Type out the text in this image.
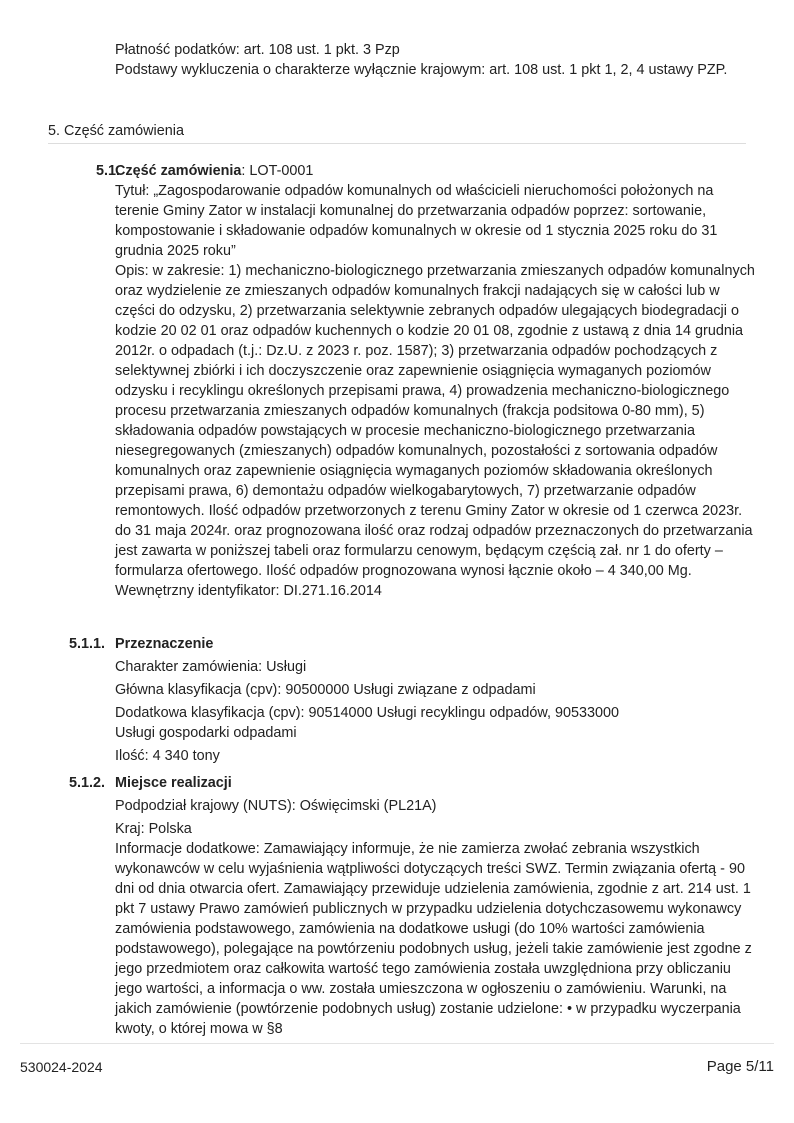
Płatność podatków: art. 108 ust. 1 pkt. 3 Pzp

Podstawy wykluczenia o charakterze wyłącznie krajowym: art. 108 ust. 1 pkt 1, 2, 4 ustawy PZP.

5. Część zamówienia
5.1.

Część zamówienia: LOT-0001

Tytuł: „Zagospodarowanie odpadów komunalnych od właścicieli nieruchomości położonych na terenie Gminy Zator w instalacji komunalnej do przetwarzania odpadów poprzez: sortowanie, kompostowanie i składowanie odpadów komunalnych w okresie od 1 stycznia 2025 roku do 31 grudnia 2025 roku”

Opis: w zakresie: 1) mechaniczno-biologicznego przetwarzania zmieszanych odpadów komunalnych oraz wydzielenie ze zmieszanych odpadów komunalnych frakcji nadających się w całości lub w części do odzysku, 2) przetwarzania selektywnie zebranych odpadów ulegających biodegradacji o kodzie 20 02 01 oraz odpadów kuchennych o kodzie 20 01 08, zgodnie z ustawą z dnia 14 grudnia 2012r. o odpadach (t.j.: Dz.U. z 2023 r. poz. 1587); 3) przetwarzania odpadów pochodzących z selektywnej zbiórki i ich doczyszczenie oraz zapewnienie osiągnięcia wymaganych poziomów odzysku i recyklingu określonych przepisami prawa, 4) prowadzenia mechaniczno-biologicznego procesu przetwarzania zmieszanych odpadów komunalnych (frakcja podsitowa 0-80 mm), 5) składowania odpadów powstających w procesie mechaniczno-biologicznego przetwarzania niesegregowanych (zmieszanych) odpadów komunalnych, pozostałości z sortowania odpadów komunalnych oraz zapewnienie osiągnięcia wymaganych poziomów składowania określonych przepisami prawa, 6) demontażu odpadów wielkogabarytowych, 7) przetwarzanie odpadów remontowych. Ilość odpadów przetworzonych z terenu Gminy Zator w okresie od 1 czerwca 2023r. do 31 maja 2024r. oraz prognozowana ilość oraz rodzaj odpadów przeznaczonych do przetwarzania jest zawarta w poniższej tabeli oraz formularzu cenowym, będącym częścią zał. nr 1 do oferty – formularza ofertowego. Ilość odpadów prognozowana wynosi łącznie około – 4 340,00 Mg.

Wewnętrzny identyfikator: DI.271.16.2014

5.1.1. Przeznaczenie

Charakter zamówienia: Usługi

Główna klasyfikacja (cpv): 90500000 Usługi związane z odpadami

Dodatkowa klasyfikacja (cpv): 90514000 Usługi recyklingu odpadów, 90533000 Usługi gospodarki odpadami

Ilość: 4 340 tony

5.1.2. Miejsce realizacji

Podpodział krajowy (NUTS): Oświęcimski (PL21A)

Kraj: Polska

Informacje dodatkowe: Zamawiający informuje, że nie zamierza zwołać zebrania wszystkich wykonawców w celu wyjaśnienia wątpliwości dotyczących treści SWZ. Termin związania ofertą - 90 dni od dnia otwarcia ofert. Zamawiający przewiduje udzielenia zamówienia, zgodnie z art. 214 ust. 1 pkt 7 ustawy Prawo zamówień publicznych w przypadku udzielenia dotychczasowemu wykonawcy zamówienia podstawowego, zamówienia na dodatkowe usługi (do 10% wartości zamówienia podstawowego), polegające na powtórzeniu podobnych usług, jeżeli takie zamówienie jest zgodne z jego przedmiotem oraz całkowita wartość tego zamówienia została uwzględniona przy obliczaniu jego wartości, a informacja o ww. została umieszczona w ogłoszeniu o zamówieniu. Warunki, na jakich zamówienie (powtórzenie podobnych usług) zostanie udzielone: • w przypadku wyczerpania kwoty, o której mowa w §8

530024-2024	Page 5/11
